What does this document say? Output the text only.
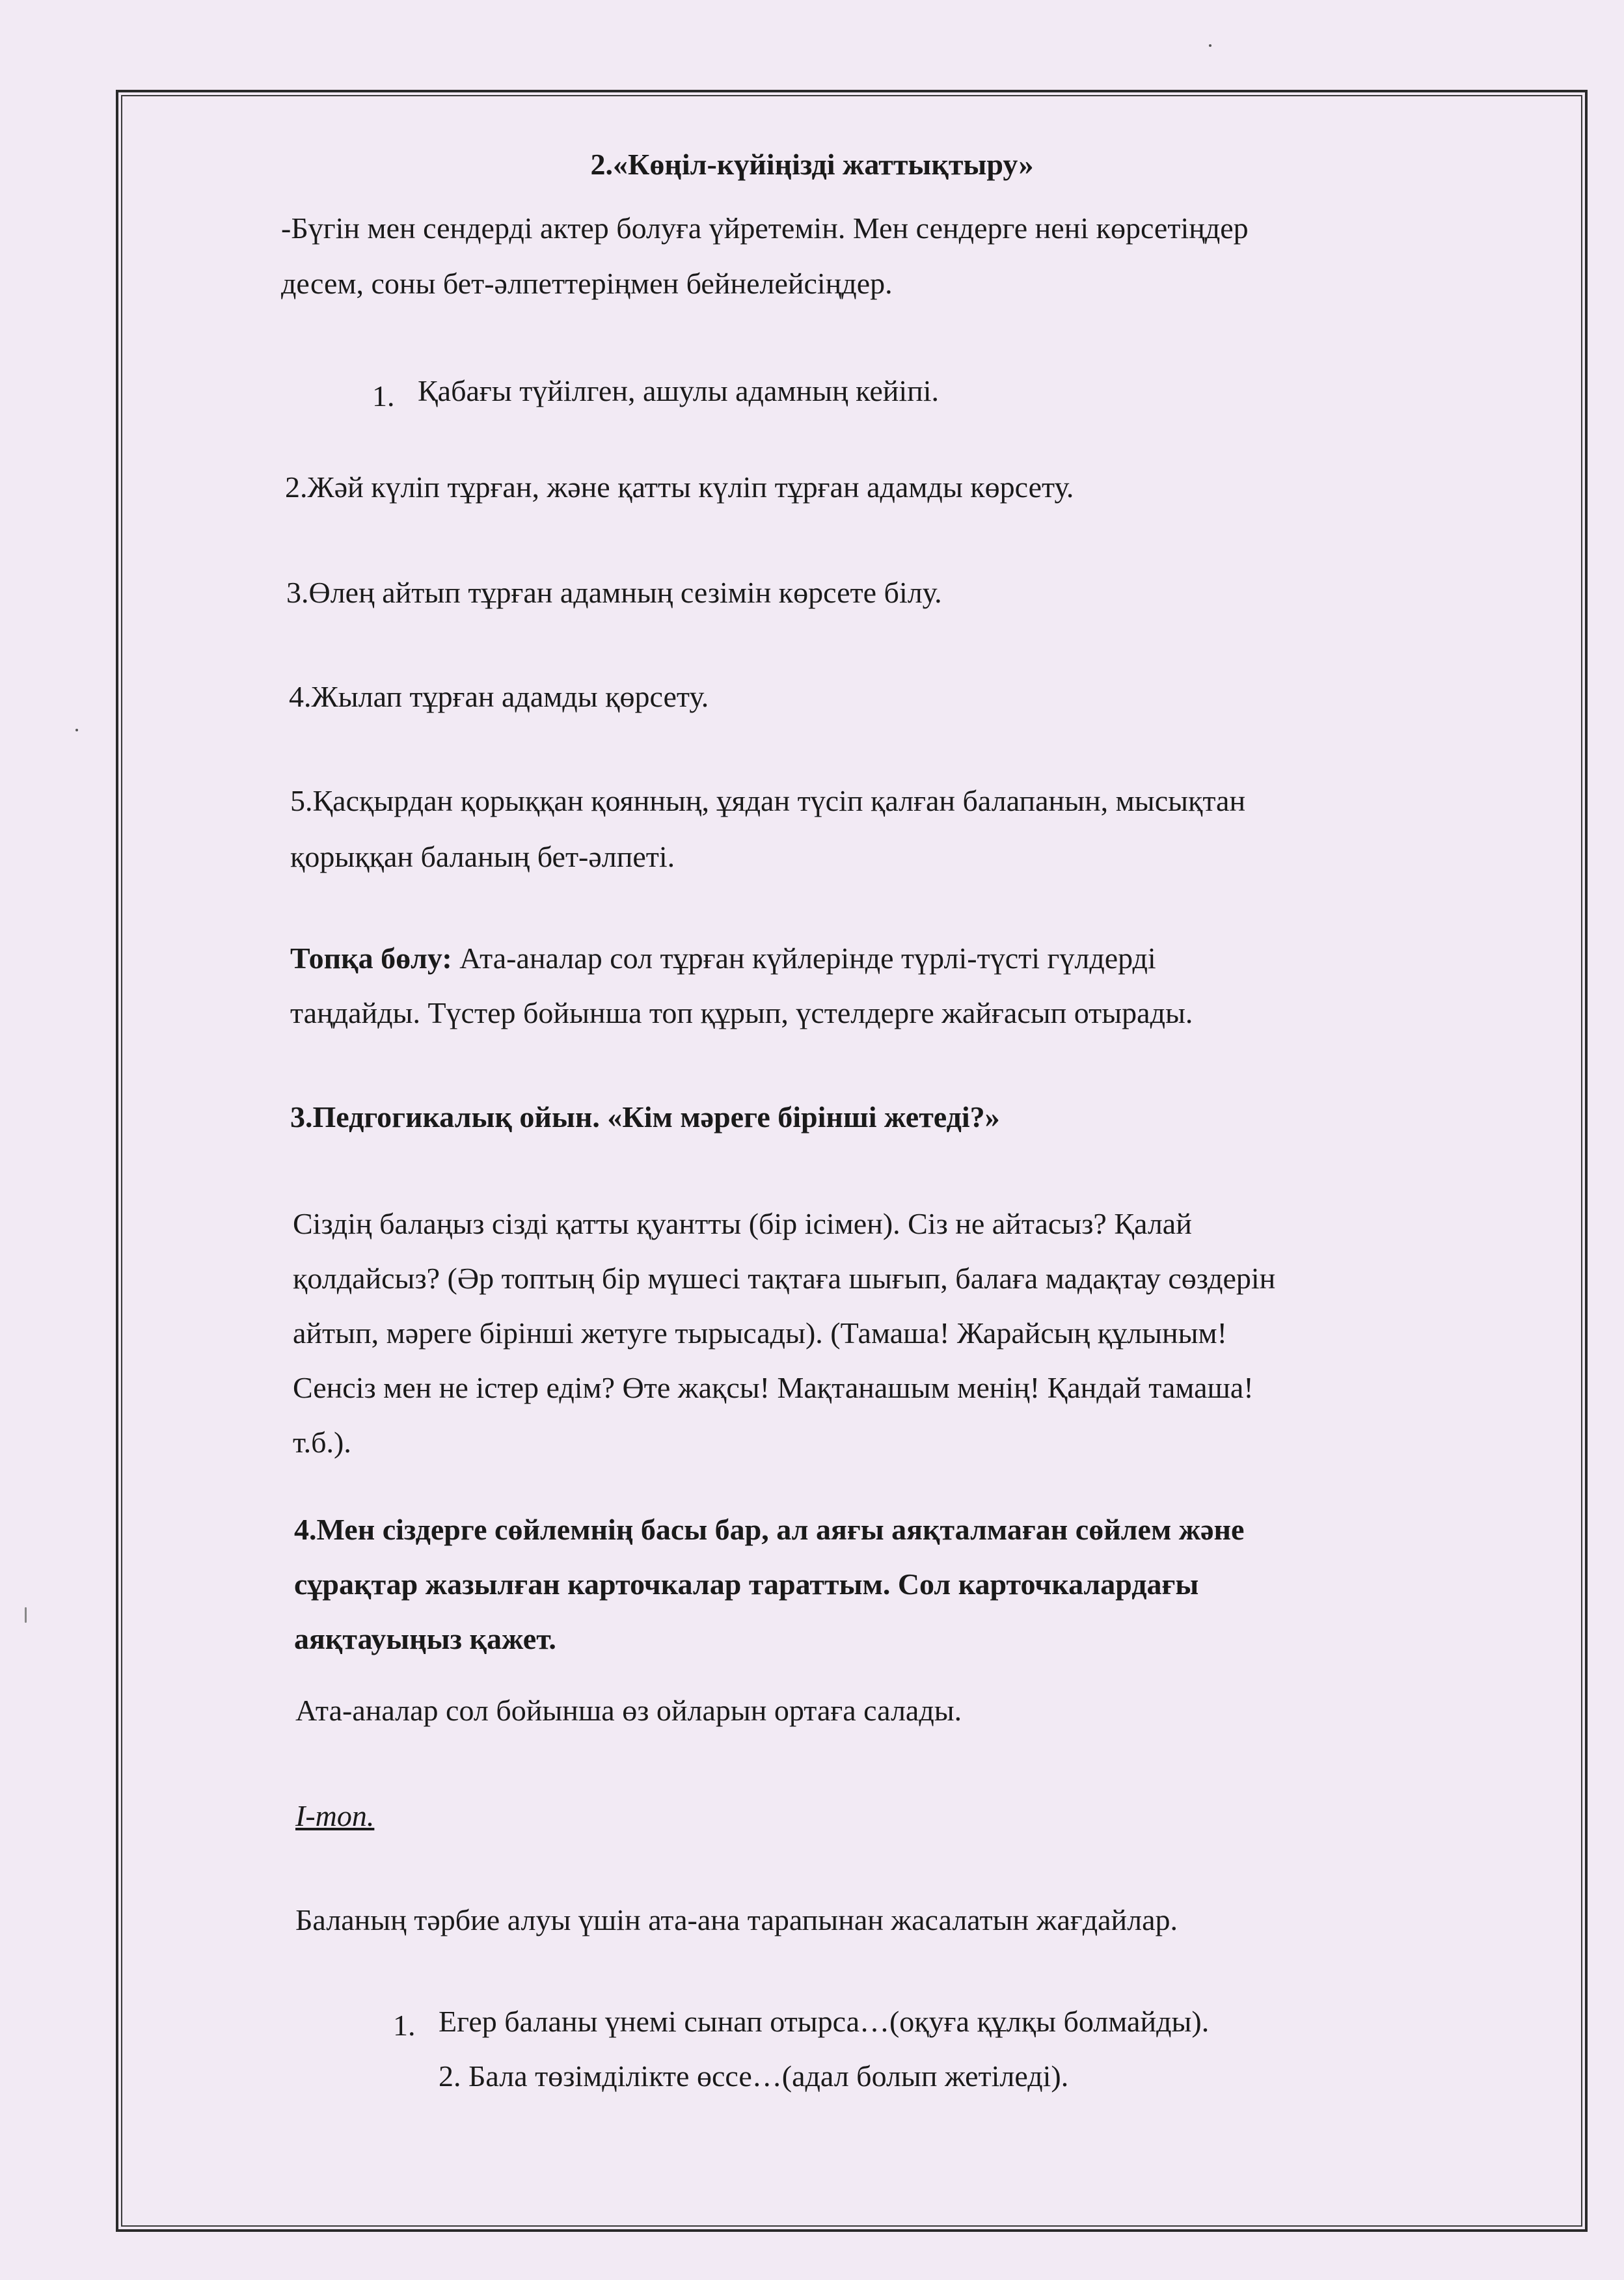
2.«Көңіл-күйіңізді жаттықтыру»
-Бүгін мен сендерді актер болуға үйретемін. Мен сендерге нені көрсетіңдер
десем, соны бет-әлпеттеріңмен бейнелейсіңдер.
1. Қабағы түйілген, ашулы адамның кейіпі.
2.Жәй күліп тұрған, және қатты күліп тұрған адамды көрсету.
3.Өлең айтып тұрған адамның сезімін көрсете білу.
4.Жылап тұрған адамды қөрсету.
5.Қасқырдан қорыққан қоянның, ұядан түсіп қалған балапанын, мысықтан
қорыққан баланың бет-әлпеті.
Топқа бөлу: Ата-аналар сол тұрған күйлерінде түрлі-түсті гүлдерді
таңдайды. Түстер бойынша топ құрып, үстелдерге жайғасып отырады.
3.Педгогикалық ойын. «Кім мәреге бірінші жетеді?»
Сіздің балаңыз сізді қатты қуантты (бір ісімен). Сіз не айтасыз? Қалай
қолдайсыз? (Әр топтың бір мүшесі тақтаға шығып, балаға мадақтау сөздерін
айтып, мәреге бірінші жетуге тырысады). (Тамаша! Жарайсың құлыным!
Сенсіз мен не істер едім? Өте жақсы! Мақтанашым менің! Қандай тамаша!
т.б.).
4.Мен сіздерге сөйлемнің басы бар, ал аяғы аяқталмаған сөйлем және
сұрақтар жазылған карточкалар тараттым. Сол карточкалардағы
аяқтауыңыз қажет.
Ата-аналар сол бойынша өз ойларын ортаға салады.
I-топ.
Баланың тәрбие алуы үшін ата-ана тарапынан жасалатын жағдайлар.
1. Егер баланы үнемі сынап отырса…(оқуға құлқы болмайды).
2. Бала төзімділікте өссе…(адал болып жетіледі).
